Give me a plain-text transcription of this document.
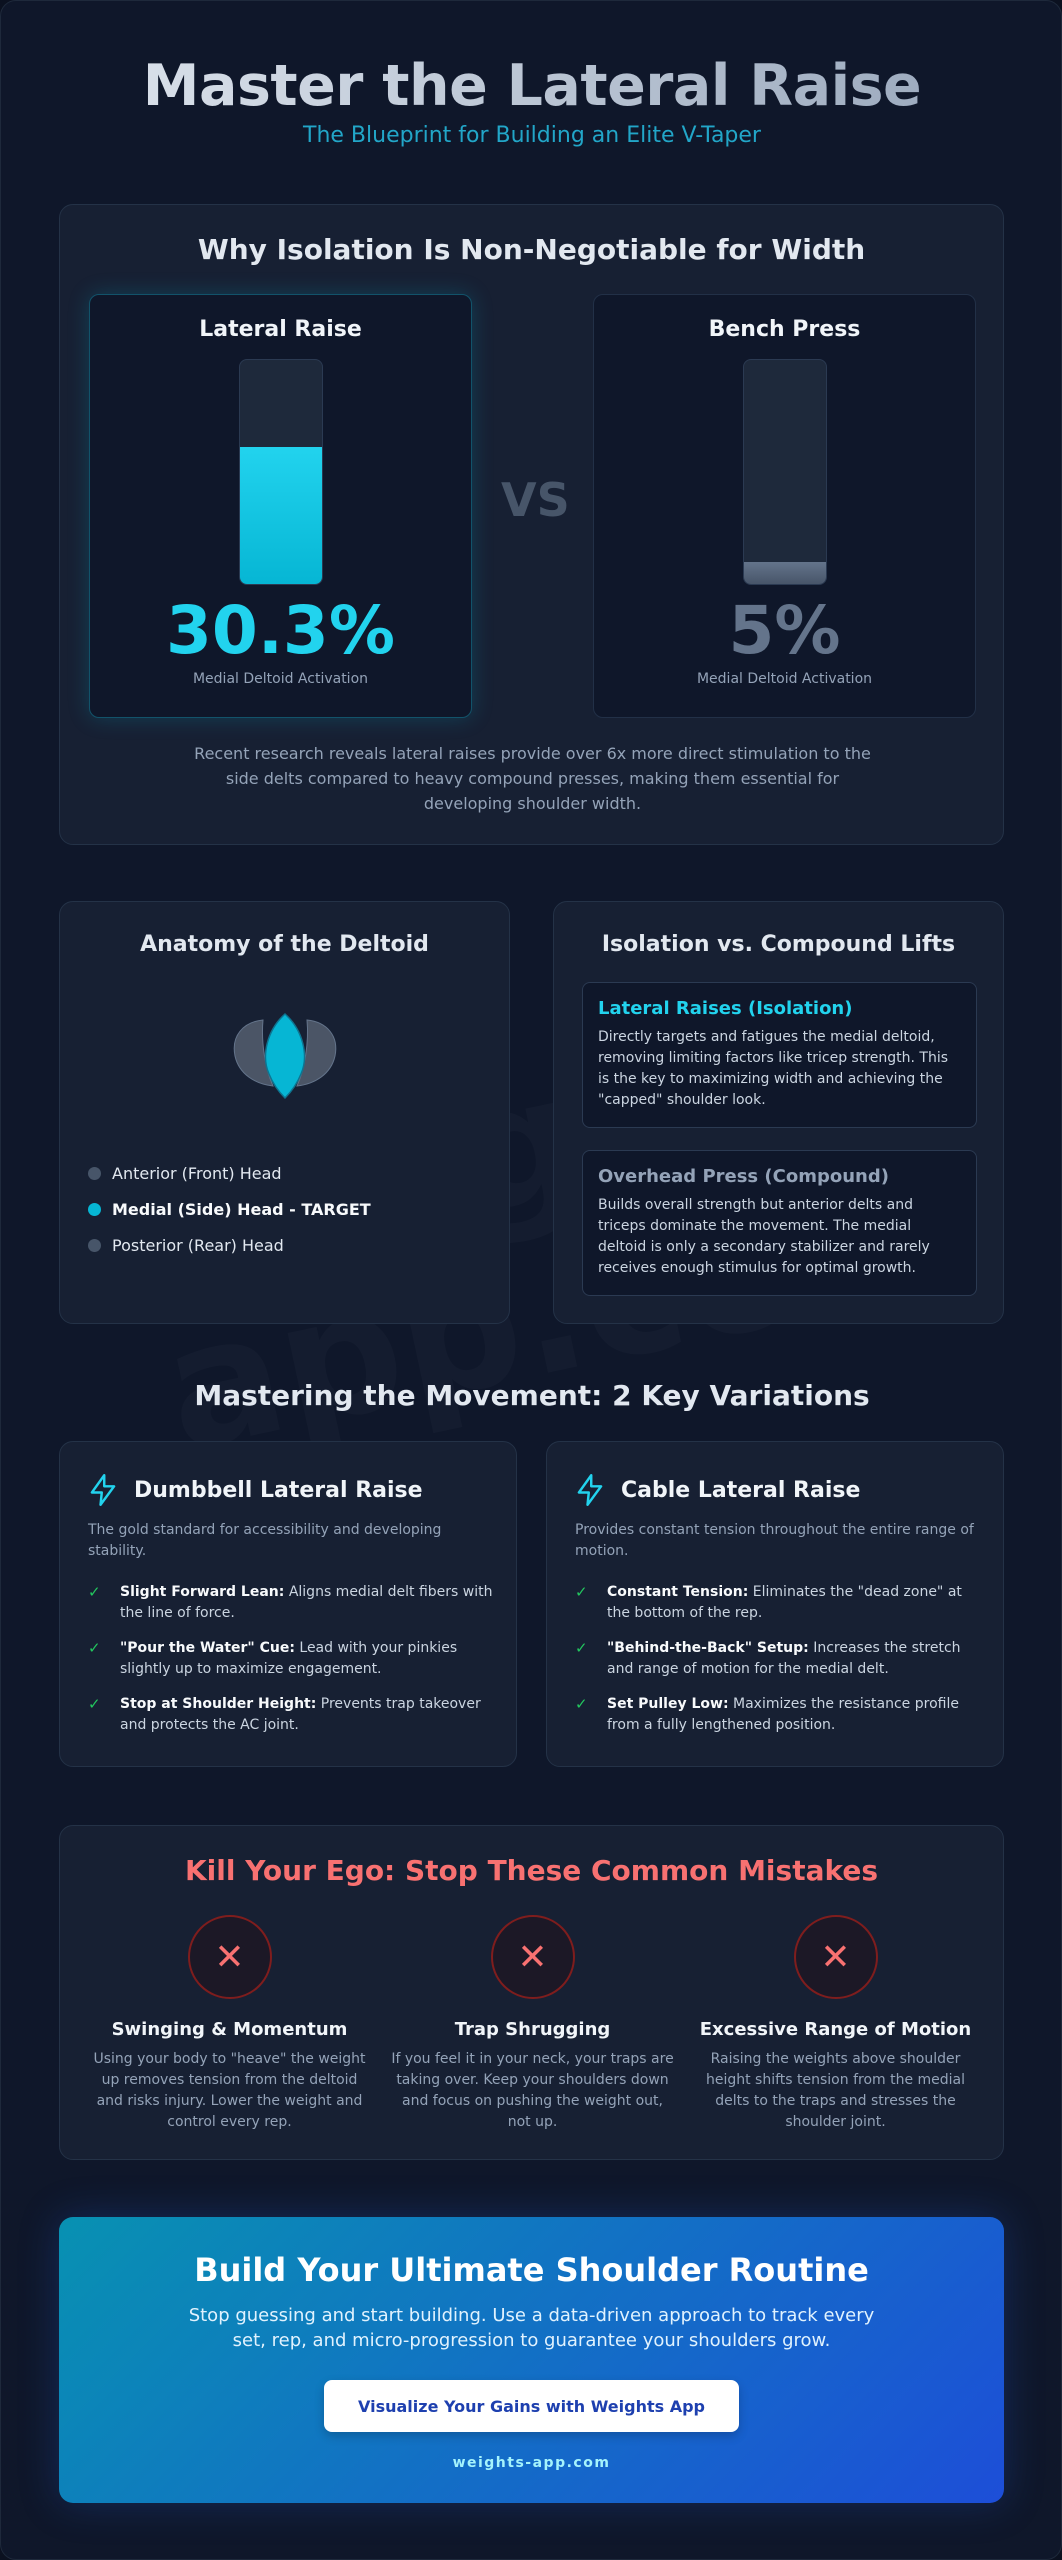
Master the Lateral Raise
The Blueprint for Building an Elite V-Taper
Why Isolation Is Non-Negotiable for Width
Lateral Raise
30.3%
Medial Deltoid Activation
VS
Bench Press
5%
Medial Deltoid Activation
Recent research reveals lateral raises provide over 6x more direct stimulation to the side delts compared to heavy compound presses, making them essential for developing shoulder width.
Anatomy of the Deltoid
Anterior (Front) Head
Medial (Side) Head - TARGET
Posterior (Rear) Head
Isolation vs. Compound Lifts
Lateral Raises (Isolation)

Directly targets and fatigues the medial deltoid, removing limiting factors like tricep strength. This is the key to maximizing width and achieving the "capped" shoulder look.

Overhead Press (Compound)

Builds overall strength but anterior delts and triceps dominate the movement. The medial deltoid is only a secondary stabilizer and rarely receives enough stimulus for optimal growth.

Mastering the Movement: 2 Key Variations
Dumbbell Lateral Raise
The gold standard for accessibility and developing stability.
✓	Slight Forward Lean: Aligns medial delt fibers with the line of force.
✓	"Pour the Water" Cue: Lead with your pinkies slightly up to maximize engagement.
✓	Stop at Shoulder Height: Prevents trap takeover and protects the AC joint.
Cable Lateral Raise
Provides constant tension throughout the entire range of motion.
✓	Constant Tension: Eliminates the "dead zone" at the bottom of the rep.
✓	"Behind-the-Back" Setup: Increases the stretch and range of motion for the medial delt.
✓	Set Pulley Low: Maximizes the resistance profile from a fully lengthened position.
Kill Your Ego: Stop These Common Mistakes
✕
Swinging & Momentum

Using your body to "heave" the weight up removes tension from the deltoid and risks injury. Lower the weight and control every rep.

✕
Trap Shrugging

If you feel it in your neck, your traps are taking over. Keep your shoulders down and focus on pushing the weight out, not up.

✕
Excessive Range of Motion

Raising the weights above shoulder height shifts tension from the medial delts to the traps and stresses the shoulder joint.

Build Your Ultimate Shoulder Routine
Stop guessing and start building. Use a data-driven approach to track every set, rep, and micro-progression to guarantee your shoulders grow.
Visualize Your Gains with Weights App
weights-app.com
